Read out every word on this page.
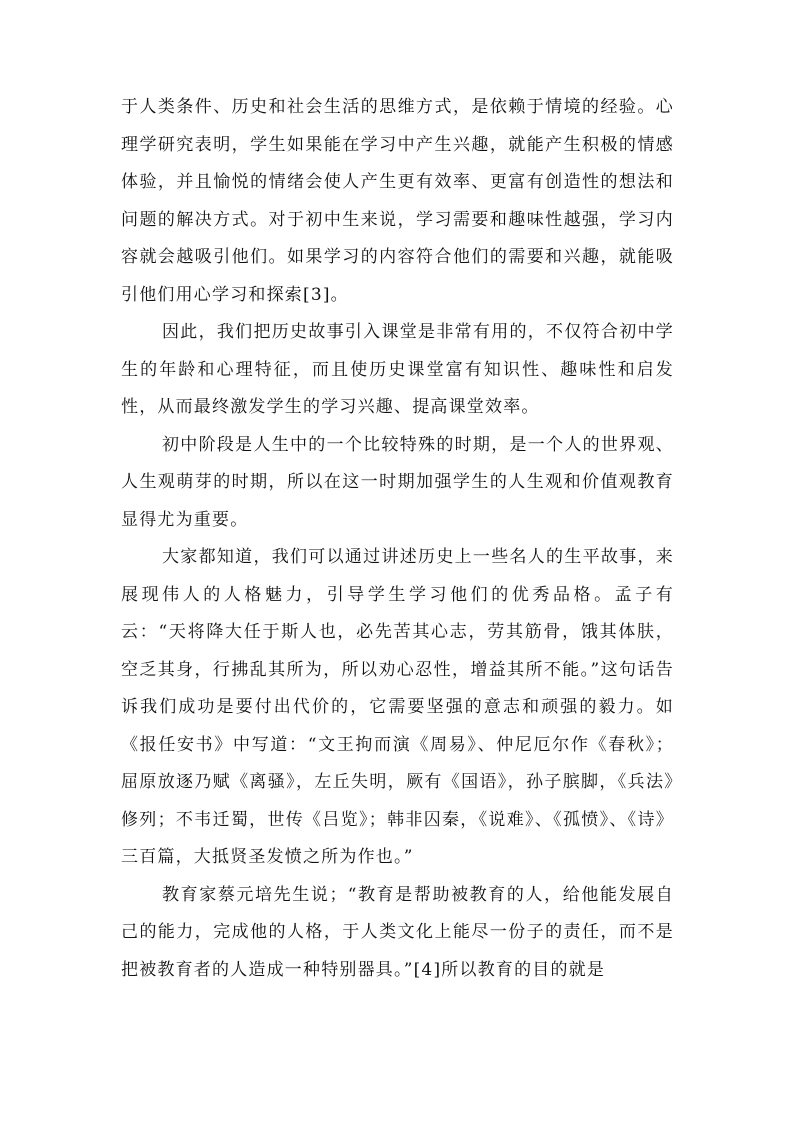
于人类条件、历史和社会生活的思维方式，是依赖于情境的经验。心理学研究表明，学生如果能在学习中产生兴趣，就能产生积极的情感体验，并且愉悦的情绪会使人产生更有效率、更富有创造性的想法和问题的解决方式。对于初中生来说，学习需要和趣味性越强，学习内容就会越吸引他们。如果学习的内容符合他们的需要和兴趣，就能吸引他们用心学习和探索[3]。

因此，我们把历史故事引入课堂是非常有用的，不仅符合初中学生的年龄和心理特征，而且使历史课堂富有知识性、趣味性和启发性，从而最终激发学生的学习兴趣、提高课堂效率。

初中阶段是人生中的一个比较特殊的时期，是一个人的世界观、人生观萌芽的时期，所以在这一时期加强学生的人生观和价值观教育显得尤为重要。

大家都知道，我们可以通过讲述历史上一些名人的生平故事，来展现伟人的人格魅力，引导学生学习他们的优秀品格。孟子有云：“天将降大任于斯人也，必先苦其心志，劳其筋骨，饿其体肤，空乏其身，行拂乱其所为，所以劝心忍性，增益其所不能。”这句话告诉我们成功是要付出代价的，它需要坚强的意志和顽强的毅力。如《报任安书》中写道：“文王拘而演《周易》、仲尼厄尔作《春秋》；屈原放逐乃赋《离骚》，左丘失明，厥有《国语》，孙子膑脚，《兵法》修列；不韦迁蜀，世传《吕览》；韩非囚秦，《说难》、《孤愤》、《诗》三百篇，大抵贤圣发愤之所为作也。”

教育家蔡元培先生说；“教育是帮助被教育的人，给他能发展自己的能力，完成他的人格，于人类文化上能尽一份子的责任，而不是把被教育者的人造成一种特别器具。”[4]所以教育的目的就是
